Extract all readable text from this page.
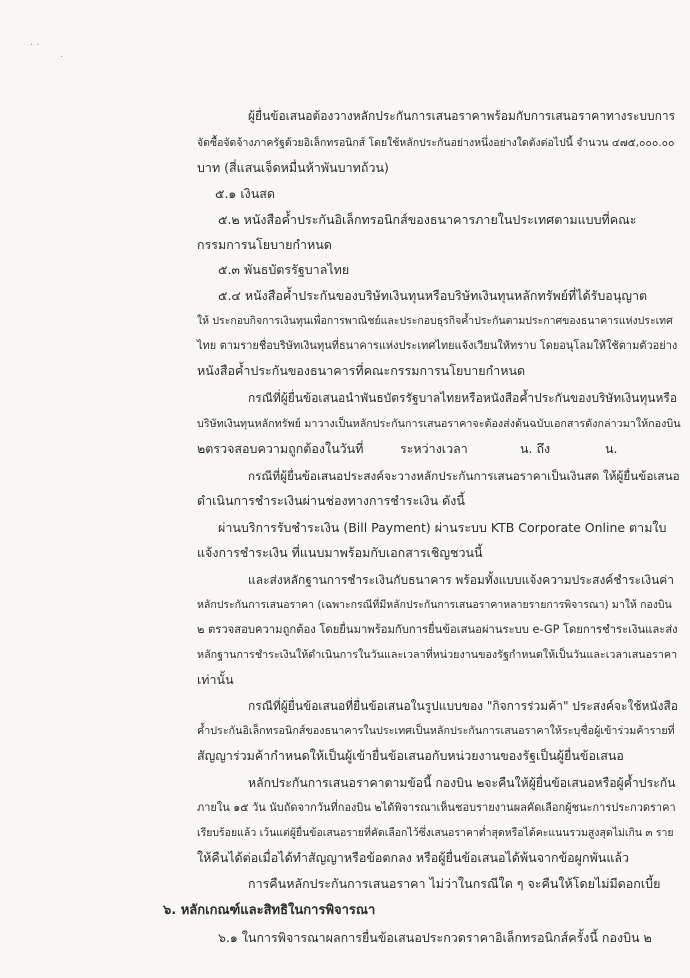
· ·
·
ผู้ยื่นข้อเสนอต้องวางหลักประกันการเสนอราคาพร้อมกับการเสนอราคาทางระบบการ
จัดซื้อจัดจ้างภาครัฐด้วยอิเล็กทรอนิกส์ โดยใช้หลักประกันอย่างหนึ่งอย่างใดดังต่อไปนี้ จำนวน ๔๗๕,๐๐๐.๐๐
บาท (สี่แสนเจ็ดหมื่นห้าพันบาทถ้วน)
๕.๑ เงินสด
๕.๒ หนังสือค้ำประกันอิเล็กทรอนิกส์ของธนาคารภายในประเทศตามแบบที่คณะ
กรรมการนโยบายกำหนด
๕.๓ พันธบัตรรัฐบาลไทย
๕.๔ หนังสือค้ำประกันของบริษัทเงินทุนหรือบริษัทเงินทุนหลักทรัพย์ที่ได้รับอนุญาต
ให้ ประกอบกิจการเงินทุนเพื่อการพาณิชย์และประกอบธุรกิจค้ำประกันตามประกาศของธนาคารแห่งประเทศ
ไทย ตามรายชื่อบริษัทเงินทุนที่ธนาคารแห่งประเทศไทยแจ้งเวียนให้ทราบ โดยอนุโลมให้ใช้ตามตัวอย่าง
หนังสือค้ำประกันของธนาคารที่คณะกรรมการนโยบายกำหนด
กรณีที่ผู้ยื่นข้อเสนอนำพันธบัตรรัฐบาลไทยหรือหนังสือค้ำประกันของบริษัทเงินทุนหรือ
บริษัทเงินทุนหลักทรัพย์ มาวางเป็นหลักประกันการเสนอราคาจะต้องส่งต้นฉบับเอกสารดังกล่าวมาให้กองบิน
๒ตรวจสอบความถูกต้องในวันที่	ระหว่างเวลา	น. ถึง	น.
กรณีที่ผู้ยื่นข้อเสนอประสงค์จะวางหลักประกันการเสนอราคาเป็นเงินสด ให้ผู้ยื่นข้อเสนอ
ดำเนินการชำระเงินผ่านช่องทางการชำระเงิน ดังนี้
ผ่านบริการรับชำระเงิน (Bill Payment) ผ่านระบบ KTB Corporate Online ตามใบ
แจ้งการชำระเงิน ที่แนบมาพร้อมกับเอกสารเชิญชวนนี้
และส่งหลักฐานการชำระเงินกับธนาคาร พร้อมทั้งแบบแจ้งความประสงค์ชำระเงินค่า
หลักประกันการเสนอราคา (เฉพาะกรณีที่มีหลักประกันการเสนอราคาหลายรายการพิจารณา) มาให้ กองบิน
๒ ตรวจสอบความถูกต้อง โดยยื่นมาพร้อมกับการยื่นข้อเสนอผ่านระบบ e-GP โดยการชำระเงินและส่ง
หลักฐานการชำระเงินให้ดำเนินการในวันและเวลาที่หน่วยงานของรัฐกำหนดให้เป็นวันและเวลาเสนอราคา
เท่านั้น
กรณีที่ผู้ยื่นข้อเสนอที่ยื่นข้อเสนอในรูปแบบของ "กิจการร่วมค้า" ประสงค์จะใช้หนังสือ
ค้ำประกันอิเล็กทรอนิกส์ของธนาคารในประเทศเป็นหลักประกันการเสนอราคาให้ระบุชื่อผู้เข้าร่วมค้ารายที่
สัญญาร่วมค้ากำหนดให้เป็นผู้เข้ายื่นข้อเสนอกับหน่วยงานของรัฐเป็นผู้ยื่นข้อเสนอ
หลักประกันการเสนอราคาตามข้อนี้ กองบิน ๒จะคืนให้ผู้ยื่นข้อเสนอหรือผู้ค้ำประกัน
ภายใน ๑๕ วัน นับถัดจากวันที่กองบิน ๒ได้พิจารณาเห็นชอบรายงานผลคัดเลือกผู้ชนะการประกวดราคา
เรียบร้อยแล้ว เว้นแต่ผู้ยื่นข้อเสนอรายที่คัดเลือกไว้ซึ่งเสนอราคาต่ำสุดหรือได้คะแนนรวมสูงสุดไม่เกิน ๓ ราย
ให้คืนได้ต่อเมื่อได้ทำสัญญาหรือข้อตกลง หรือผู้ยื่นข้อเสนอได้พ้นจากข้อผูกพันแล้ว
การคืนหลักประกันการเสนอราคา ไม่ว่าในกรณีใด ๆ จะคืนให้โดยไม่มีดอกเบี้ย
๖. หลักเกณฑ์และสิทธิในการพิจารณา
๖.๑ ในการพิจารณาผลการยื่นข้อเสนอประกวดราคาอิเล็กทรอนิกส์ครั้งนี้ กองบิน ๒
